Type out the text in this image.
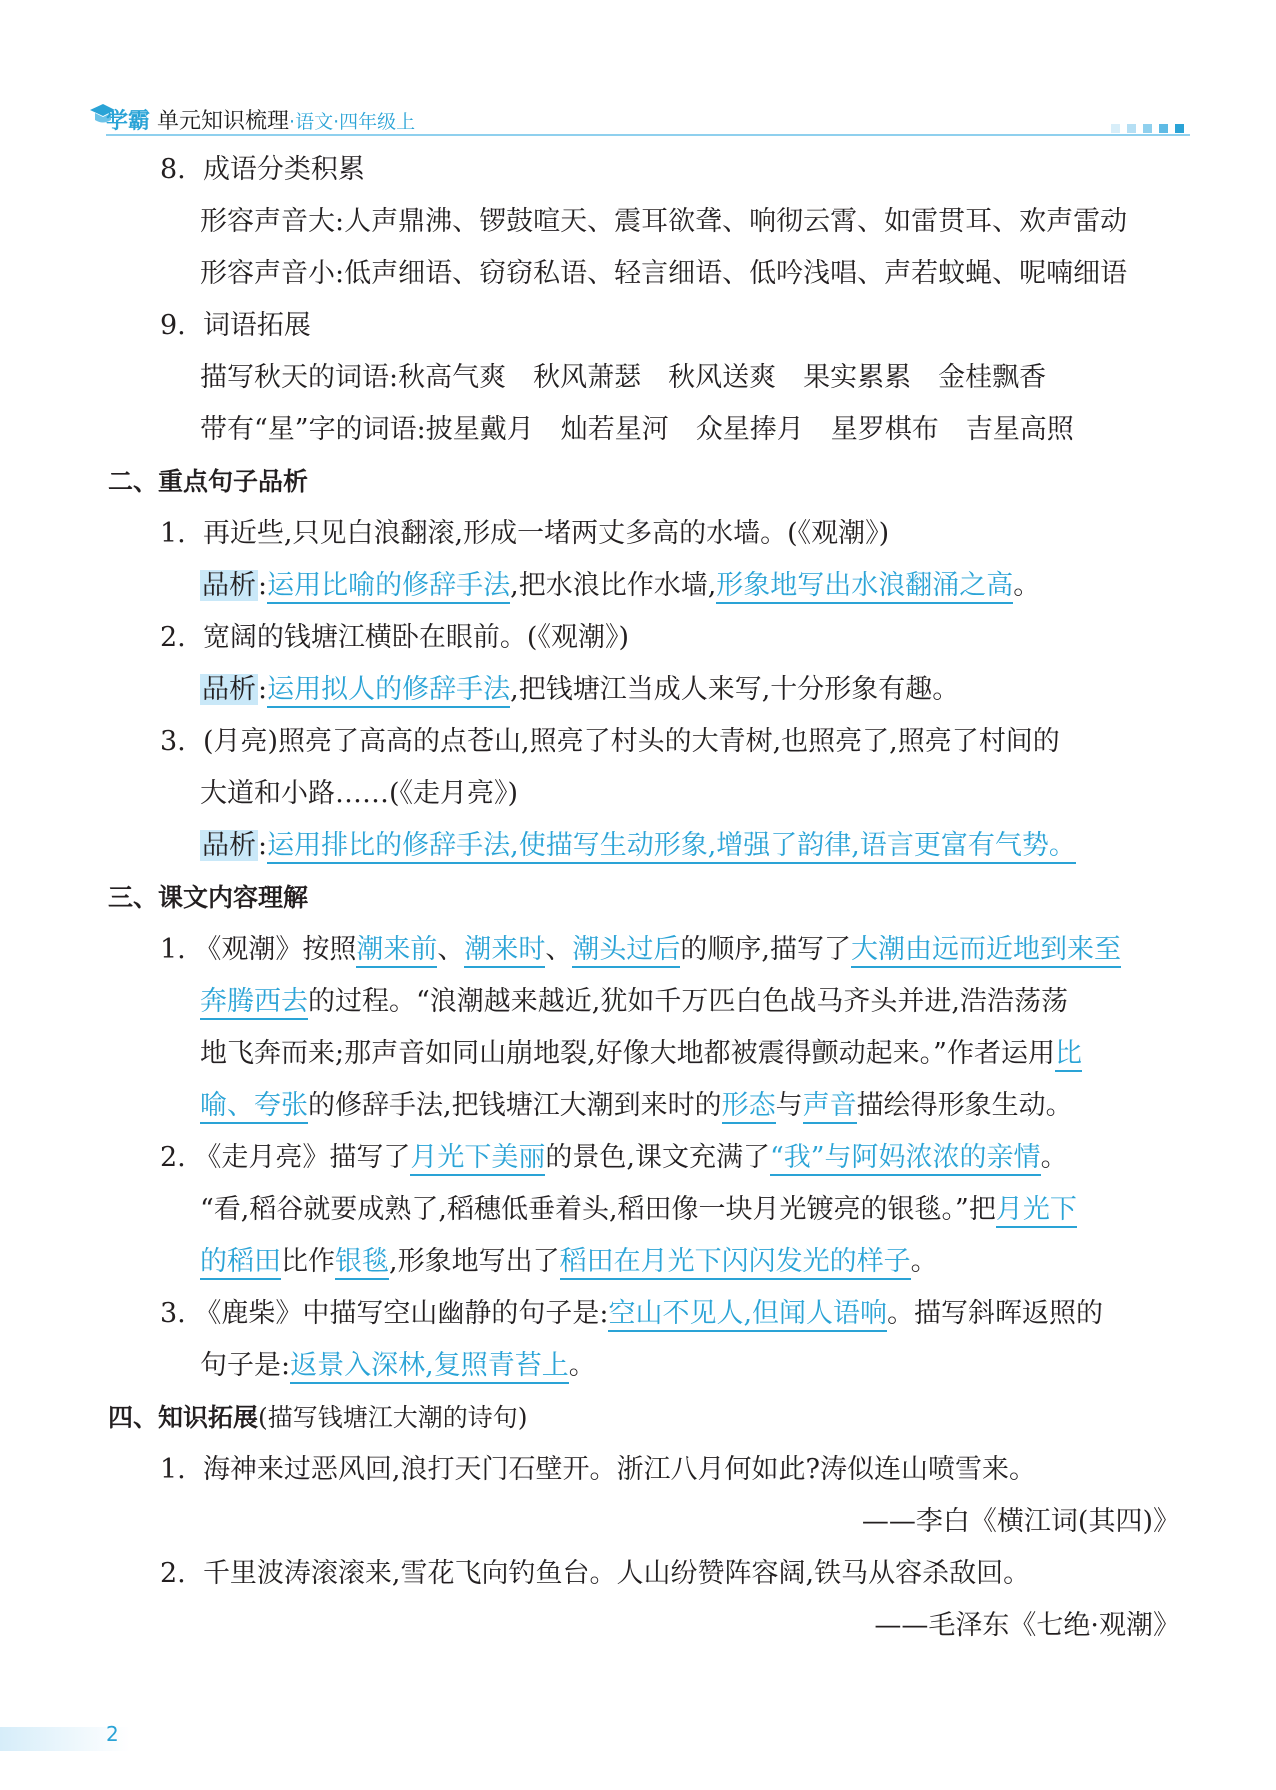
学霸 单元知识梳理·语文·四年级上
8. 成语分类积累
形容声音大:人声鼎沸、锣鼓喧天、震耳欲聋、响彻云霄、如雷贯耳、欢声雷动
形容声音小:低声细语、窃窃私语、轻言细语、低吟浅唱、声若蚊蝇、呢喃细语
9. 词语拓展
描写秋天的词语:秋高气爽　秋风萧瑟　秋风送爽　果实累累　金桂飘香
带有“星”字的词语:披星戴月　灿若星河　众星捧月　星罗棋布　吉星高照
二、重点句子品析
1. 再近些,只见白浪翻滚,形成一堵两丈多高的水墙。(《观潮》)
品析:运用比喻的修辞手法,把水浪比作水墙,形象地写出水浪翻涌之高。
2. 宽阔的钱塘江横卧在眼前。(《观潮》)
品析:运用拟人的修辞手法,把钱塘江当成人来写,十分形象有趣。
3. (月亮)照亮了高高的点苍山,照亮了村头的大青树,也照亮了,照亮了村间的
大道和小路……(《走月亮》)
品析:运用排比的修辞手法,使描写生动形象,增强了韵律,语言更富有气势。
三、课文内容理解
1. 《观潮》按照潮来前、潮来时、潮头过后的顺序,描写了大潮由远而近地到来至
奔腾西去的过程。“浪潮越来越近,犹如千万匹白色战马齐头并进,浩浩荡荡
地飞奔而来;那声音如同山崩地裂,好像大地都被震得颤动起来。”作者运用比
喻、夸张的修辞手法,把钱塘江大潮到来时的形态与声音描绘得形象生动。
2. 《走月亮》描写了月光下美丽的景色,课文充满了“我”与阿妈浓浓的亲情。
“看,稻谷就要成熟了,稻穗低垂着头,稻田像一块月光镀亮的银毯。”把月光下
的稻田比作银毯,形象地写出了稻田在月光下闪闪发光的样子。
3. 《鹿柴》中描写空山幽静的句子是:空山不见人,但闻人语响。描写斜晖返照的
句子是:返景入深林,复照青苔上。
四、知识拓展(描写钱塘江大潮的诗句)
1. 海神来过恶风回,浪打天门石壁开。浙江八月何如此?涛似连山喷雪来。
——李白《横江词(其四)》
2. 千里波涛滚滚来,雪花飞向钓鱼台。人山纷赞阵容阔,铁马从容杀敌回。
——毛泽东《七绝·观潮》
2
